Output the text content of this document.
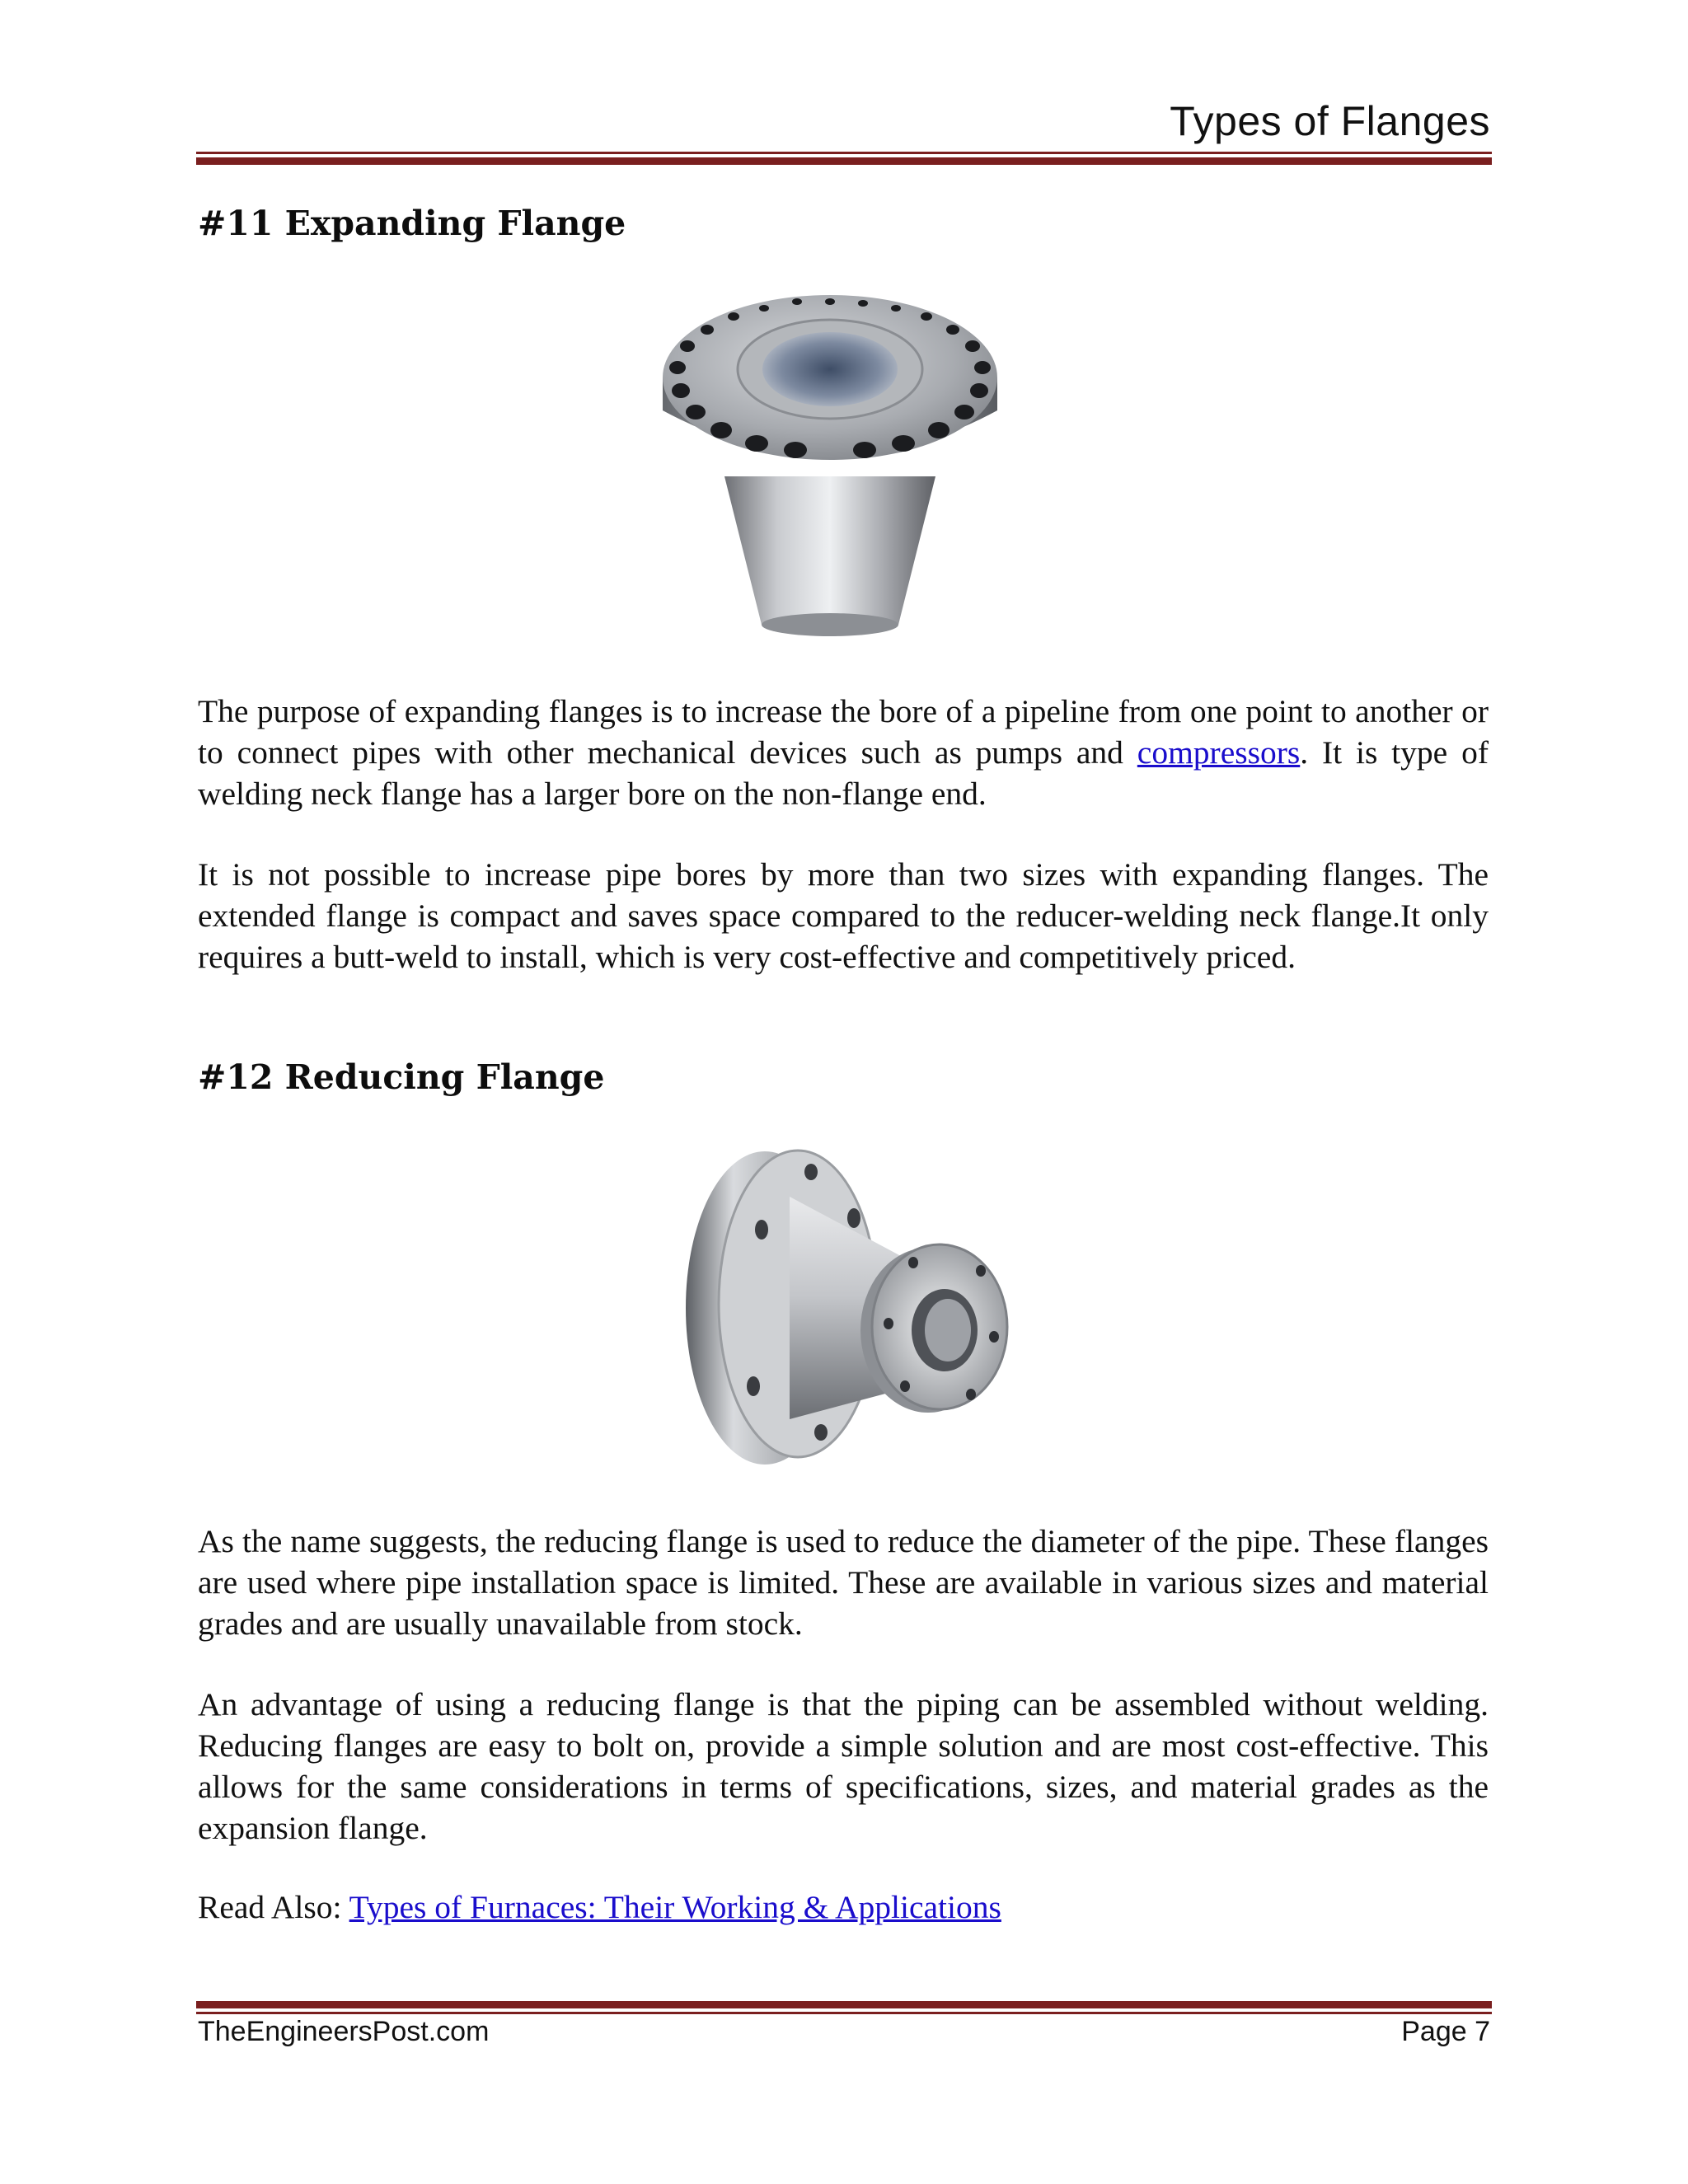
Types of Flanges
#11 Expanding Flange

The purpose of expanding flanges is to increase the bore of a pipeline from one point to another or to connect pipes with other mechanical devices such as pumps and compressors. It is type of welding neck flange has a larger bore on the non-flange end.

It is not possible to increase pipe bores by more than two sizes with expanding flanges. The extended flange is compact and saves space compared to the reducer-welding neck flange.It only requires a butt-weld to install, which is very cost-effective and competitively priced.

#12 Reducing Flange

As the name suggests, the reducing flange is used to reduce the diameter of the pipe. These flanges are used where pipe installation space is limited. These are available in various sizes and material grades and are usually unavailable from stock.

An advantage of using a reducing flange is that the piping can be assembled without welding. Reducing flanges are easy to bolt on, provide a simple solution and are most cost-effective. This allows for the same considerations in terms of specifications, sizes, and material grades as the expansion flange.

Read Also: Types of Furnaces: Their Working & Applications

TheEngineersPost.com	Page 7
